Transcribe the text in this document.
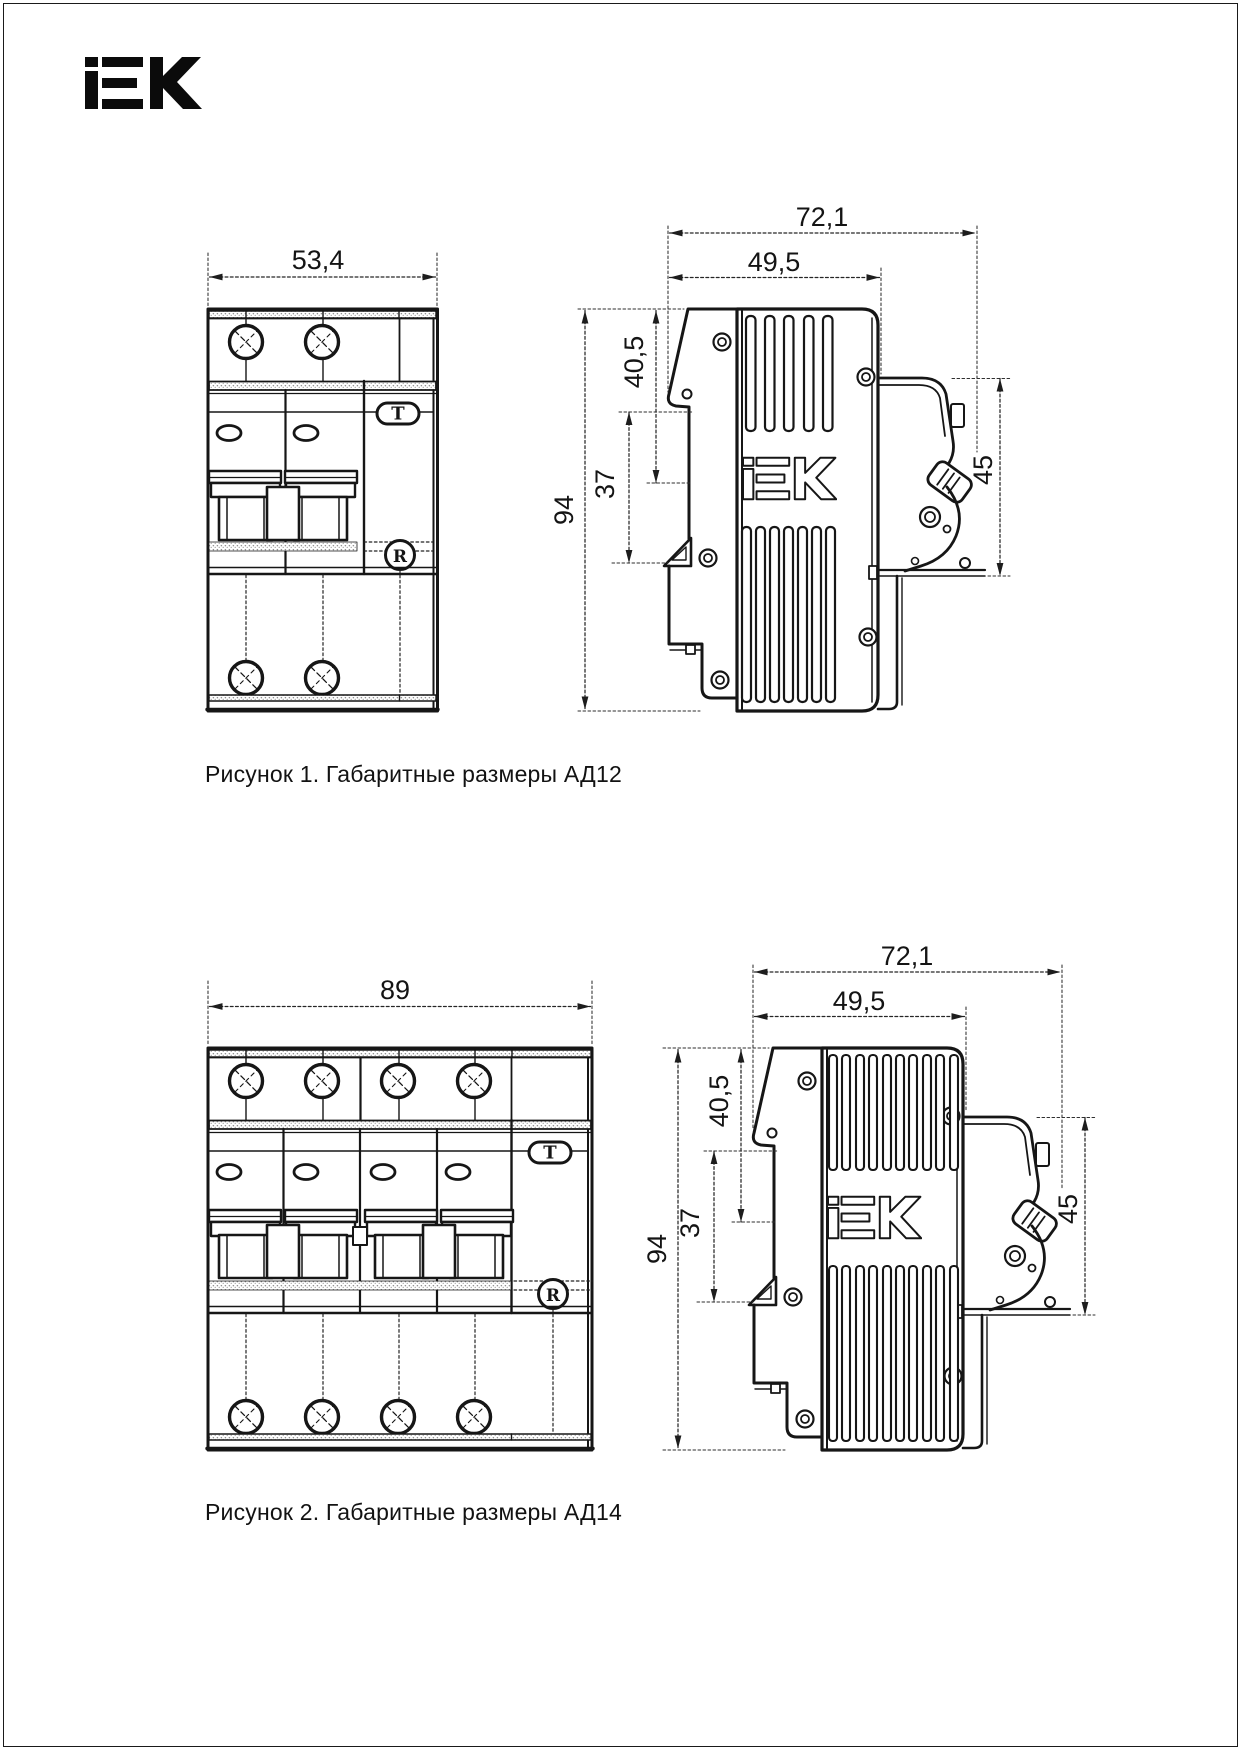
53,4
T
R
72,1
49,5
94
40,5
37	45
89
T
R
72,1
49,5
94
40,5
37	45
Рисунок 1. Габаритные размеры АД12
Рисунок 2. Габаритные размеры АД14
